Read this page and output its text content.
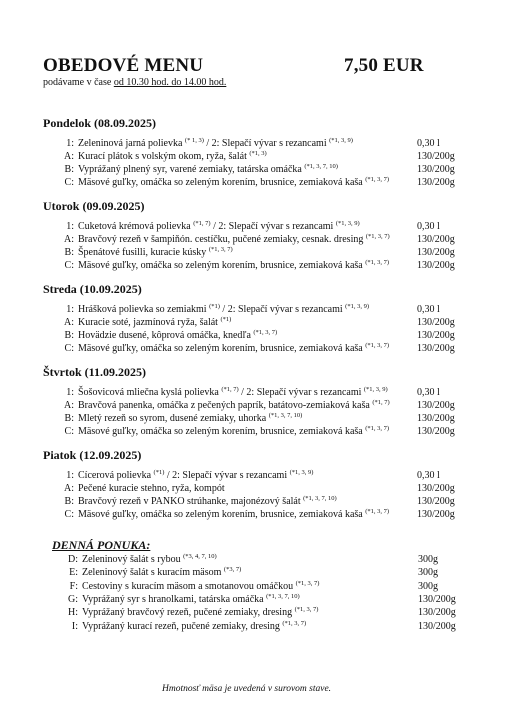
OBEDOVÉ MENU	7,50 EUR
podávame v čase od 10.30 hod. do 14.00 hod.
Pondelok (08.09.2025)
1: Zeleninová jarná polievka $^{(* 1, 3)}$ / 2: Slepačí vývar s rezancami $^{(*1, 3, 9)}$	0,30 l
A: Kurací plátok s volským okom, ryža, šalát $^{(*1, 3)}$	130/200g
B: Vyprážaný plnený syr, varené zemiaky, tatárska omáčka $^{(*1, 3, 7, 10)}$	130/200g
C: Mäsové guľky, omáčka so zeleným korením, brusnice, zemiaková kaša $^{(*1, 3, 7)}$	130/200g
Utorok (09.09.2025)
1: Cuketová krémová polievka $^{(*1, 7)}$ / 2: Slepačí vývar s rezancami $^{(*1, 3, 9)}$	0,30 l
A: Bravčový rezeň v šampiňón. cestíčku, pučené zemiaky, cesnak. dresing $^{(*1, 3, 7)}$	130/200g
B: Špenátové fusilli, kuracie kúsky $^{(*1, 3, 7)}$	130/200g
C: Mäsové guľky, omáčka so zeleným korením, brusnice, zemiaková kaša $^{(*1, 3, 7)}$	130/200g
Streda (10.09.2025)
1: Hrášková polievka so zemiakmi $^{(*1)}$ / 2: Slepačí vývar s rezancami $^{(*1, 3, 9)}$	0,30 l
A: Kuracie soté, jazmínová ryža, šalát $^{(*1)}$	130/200g
B: Hovädzie dusené, kôprová omáčka, knedľa $^{(*1, 3, 7)}$	130/200g
C: Mäsové guľky, omáčka so zeleným korením, brusnice, zemiaková kaša $^{(*1, 3, 7)}$	130/200g
Štvrtok (11.09.2025)
1: Šošovicová mliečna kyslá polievka $^{(*1, 7)}$ / 2: Slepačí vývar s rezancami $^{(*1, 3, 9)}$	0,30 l
A: Bravčová panenka, omáčka z pečených paprík, batátovo-zemiaková kaša $^{(*1, 7)}$	130/200g
B: Mletý rezeň so syrom, dusené zemiaky, uhorka $^{(*1, 3, 7, 10)}$	130/200g
C: Mäsové guľky, omáčka so zeleným korením, brusnice, zemiaková kaša $^{(*1, 3, 7)}$	130/200g
Piatok (12.09.2025)
1: Cícerová polievka $^{(*1)}$ / 2: Slepačí vývar s rezancami $^{(*1, 3, 9)}$	0,30 l
A: Pečené kuracie stehno, ryža, kompót	130/200g
B: Bravčový rezeň v PANKO strúhanke, majonézový šalát $^{(*1, 3, 7, 10)}$	130/200g
C: Mäsové guľky, omáčka so zeleným korením, brusnice, zemiaková kaša $^{(*1, 3, 7)}$	130/200g
DENNÁ PONUKA:
D: Zeleninový šalát s rybou $^{(*3, 4, 7, 10)}$	300g
E: Zeleninový šalát s kuracím mäsom $^{(*3, 7)}$	300g
F: Cestoviny s kuracím mäsom a smotanovou omáčkou $^{(*1, 3, 7)}$	300g
G: Vyprážaný syr s hranolkami, tatárska omáčka $^{(*1, 3, 7, 10)}$	130/200g
H: Vyprážaný bravčový rezeň, pučené zemiaky, dresing $^{(*1, 3, 7)}$	130/200g
I: Vyprážaný kurací rezeň, pučené zemiaky, dresing $^{(*1, 3, 7)}$	130/200g
Hmotnosť mäsa je uvedená v surovom stave.
